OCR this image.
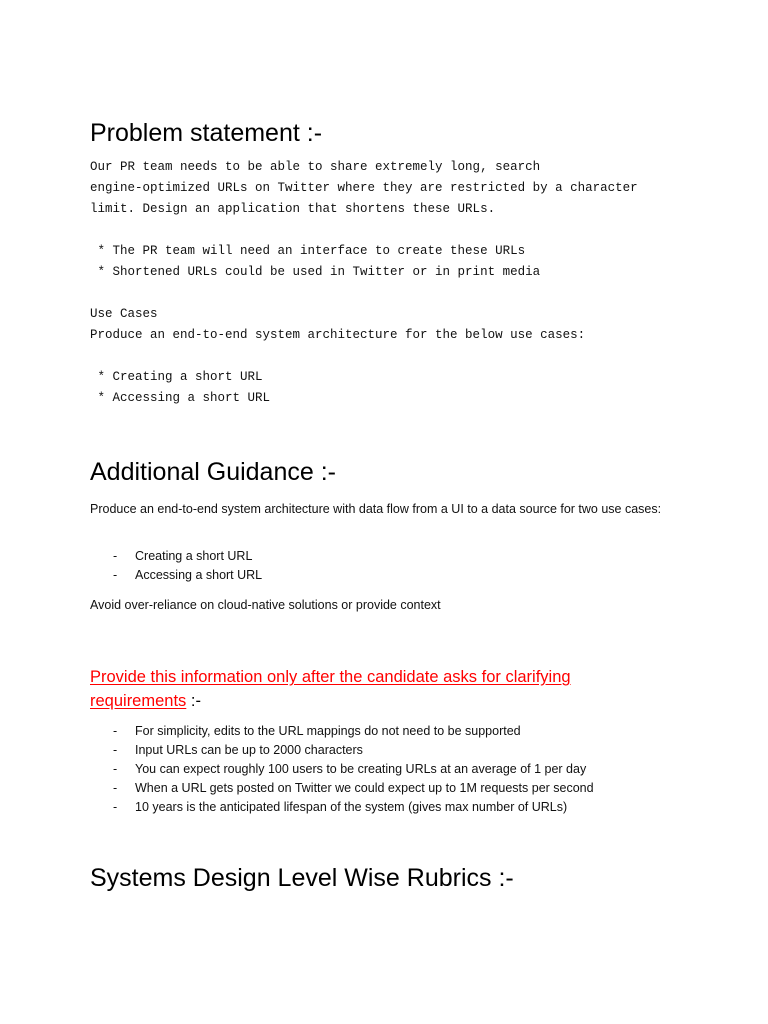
Problem statement :-

Our PR team needs to be able to share extremely long, search

engine-optimized URLs on Twitter where they are restricted by a character

limit. Design an application that shortens these URLs.

* The PR team will need an interface to create these URLs

* Shortened URLs could be used in Twitter or in print media

Use Cases

Produce an end-to-end system architecture for the below use cases:

* Creating a short URL

* Accessing a short URL

Additional Guidance :-

Produce an end-to-end system architecture with data flow from a UI to a data source for two use cases:

- Creating a short URL
- Accessing a short URL

Avoid over-reliance on cloud-native solutions or provide context

Provide this information only after the candidate asks for clarifying requirements :-

- For simplicity, edits to the URL mappings do not need to be supported
- Input URLs can be up to 2000 characters
- You can expect roughly 100 users to be creating URLs at an average of 1 per day
- When a URL gets posted on Twitter we could expect up to 1M requests per second
- 10 years is the anticipated lifespan of the system (gives max number of URLs)
Systems Design Level Wise Rubrics :-
